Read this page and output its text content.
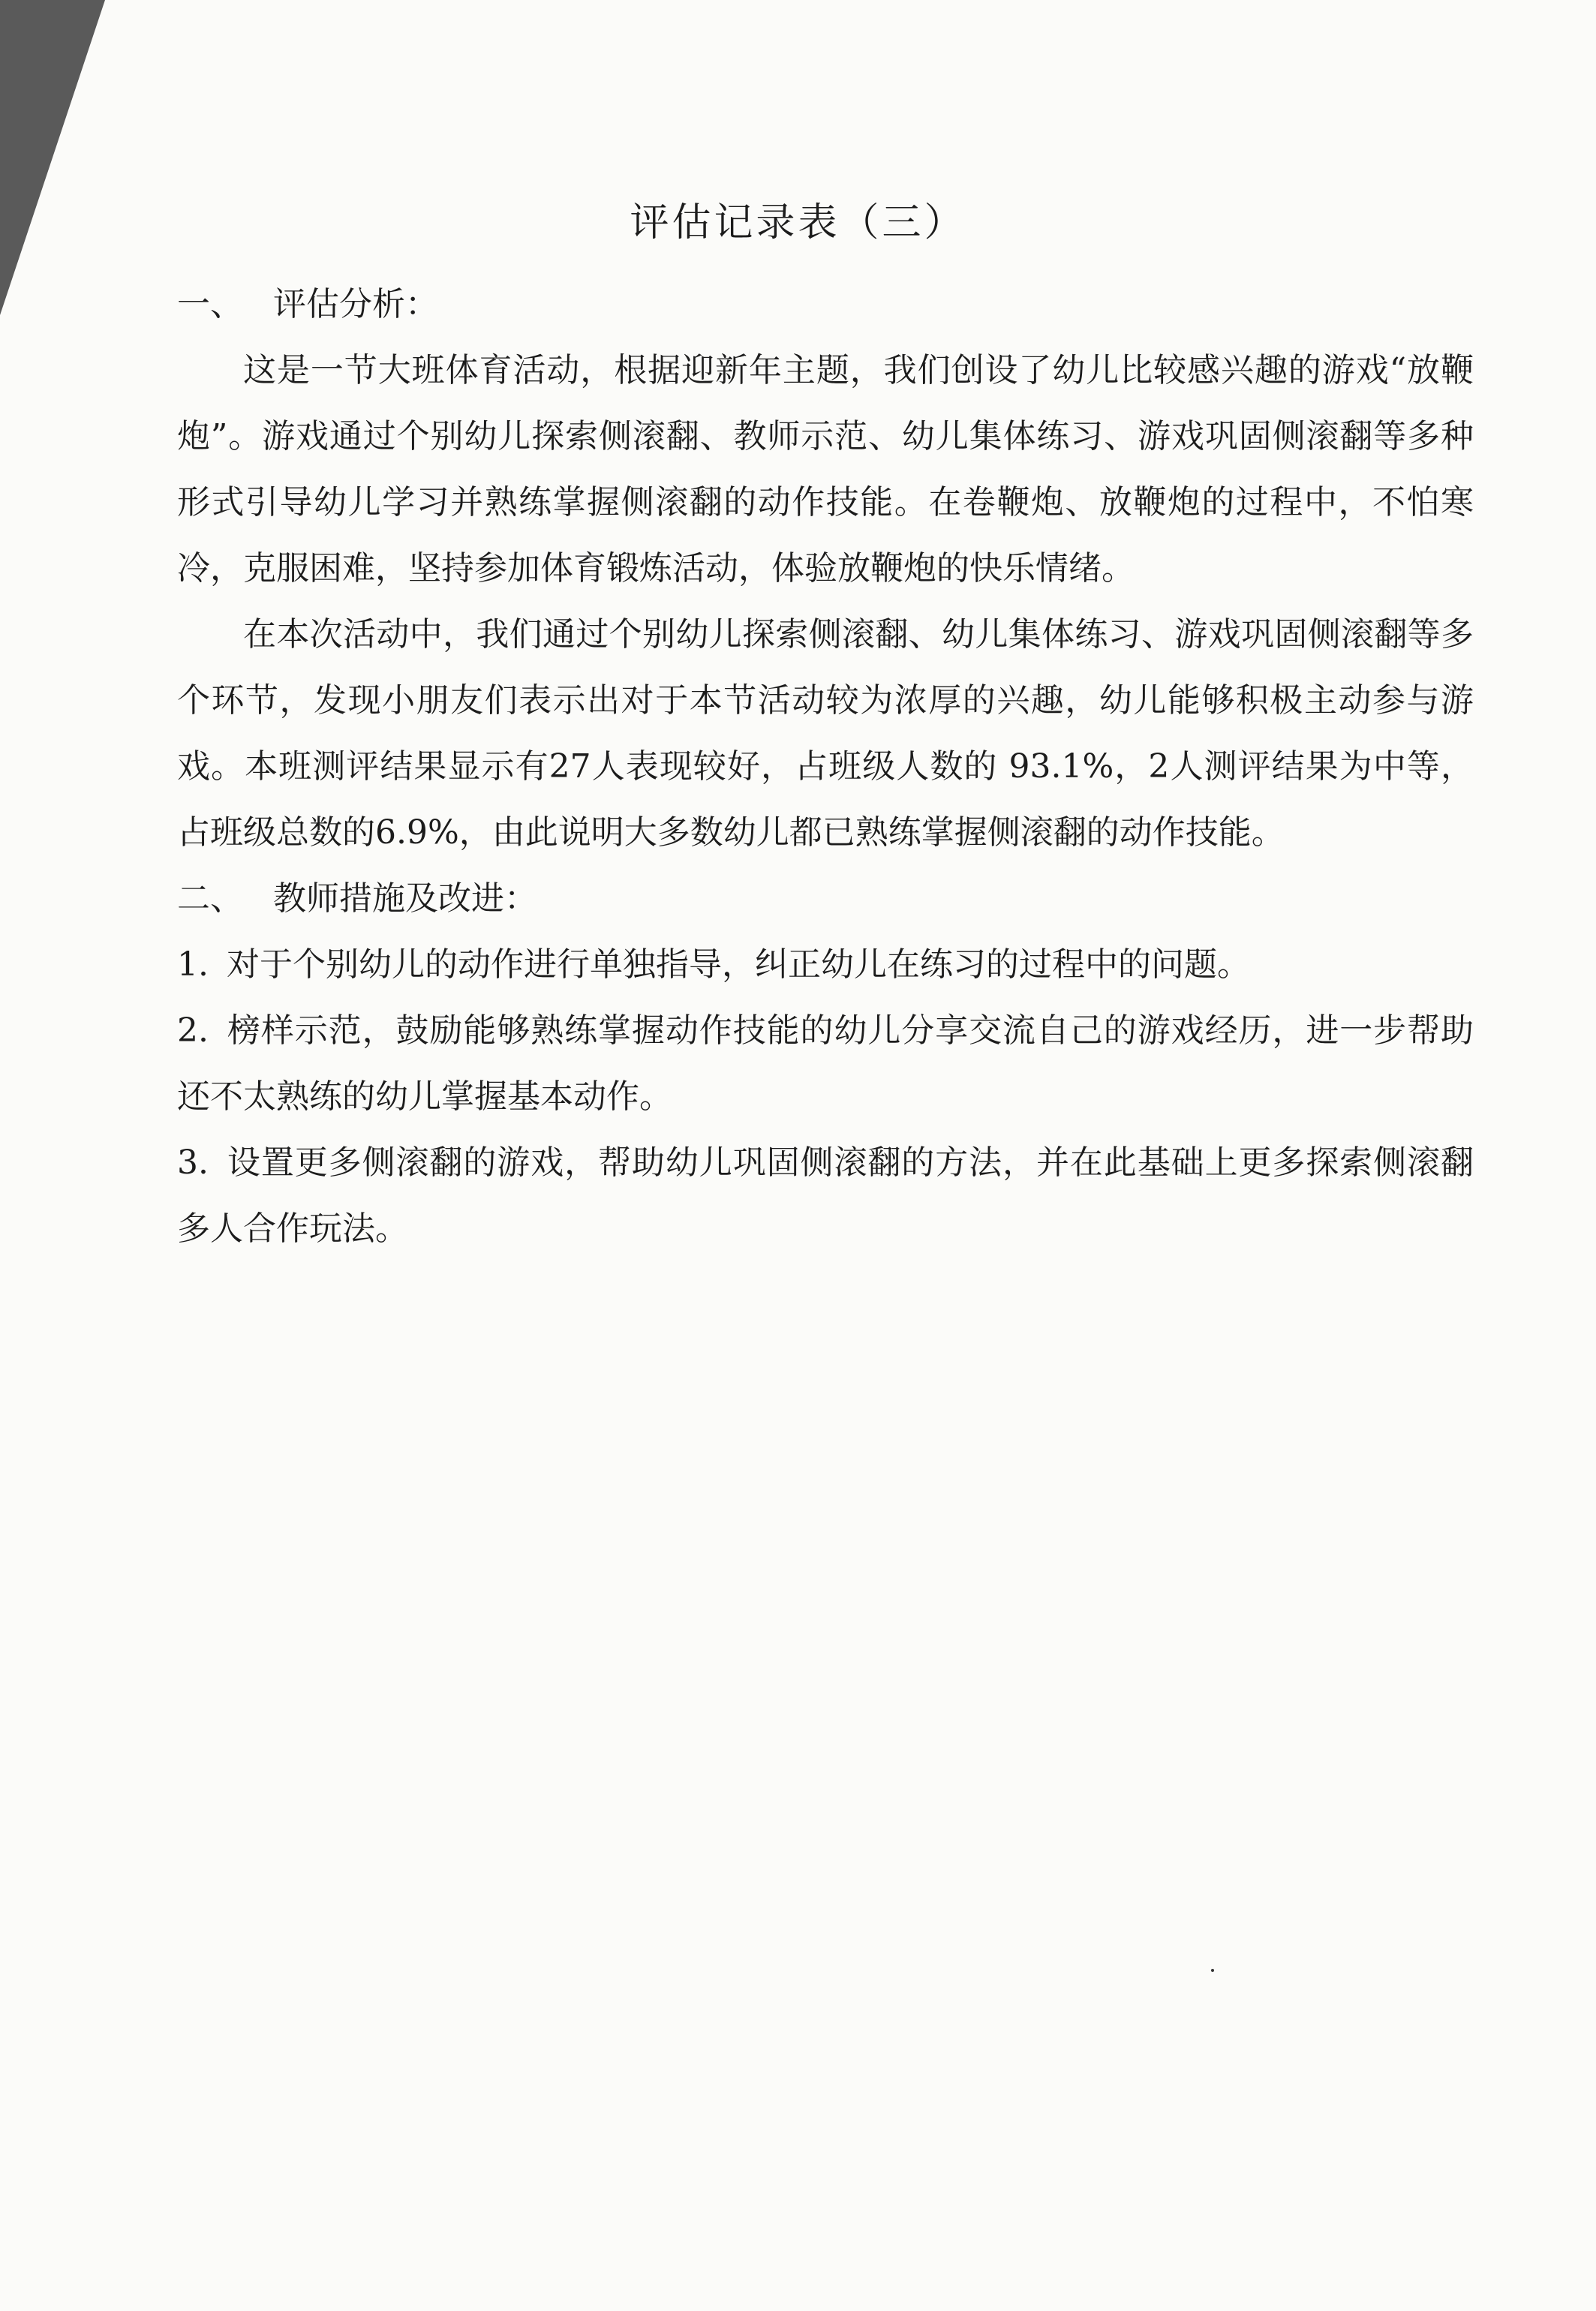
评估记录表（三）
一、 评估分析：

这是一节大班体育活动，根据迎新年主题，我们创设了幼儿比较感兴趣的游戏“放鞭炮”。游戏通过个别幼儿探索侧滚翻、教师示范、幼儿集体练习、游戏巩固侧滚翻等多种形式引导幼儿学习并熟练掌握侧滚翻的动作技能。在卷鞭炮、放鞭炮的过程中，不怕寒冷，克服困难，坚持参加体育锻炼活动，体验放鞭炮的快乐情绪。

在本次活动中，我们通过个别幼儿探索侧滚翻、幼儿集体练习、游戏巩固侧滚翻等多个环节，发现小朋友们表示出对于本节活动较为浓厚的兴趣，幼儿能够积极主动参与游戏。本班测评结果显示有27人表现较好，占班级人数的 93.1%，2人测评结果为中等，占班级总数的6.9%，由此说明大多数幼儿都已熟练掌握侧滚翻的动作技能。

二、 教师措施及改进：

1. 对于个别幼儿的动作进行单独指导，纠正幼儿在练习的过程中的问题。

2. 榜样示范，鼓励能够熟练掌握动作技能的幼儿分享交流自己的游戏经历，进一步帮助还不太熟练的幼儿掌握基本动作。

3. 设置更多侧滚翻的游戏，帮助幼儿巩固侧滚翻的方法，并在此基础上更多探索侧滚翻多人合作玩法。
